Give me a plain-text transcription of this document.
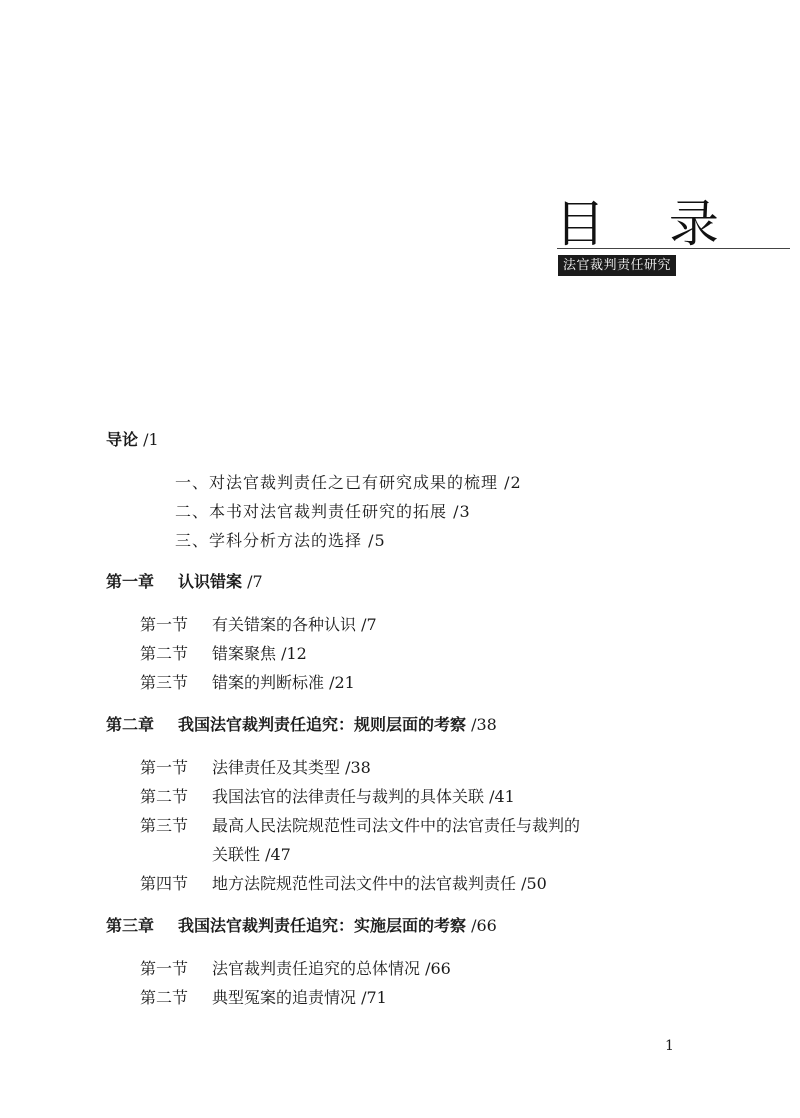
目 录
法官裁判责任研究
导论 /1
一、对法官裁判责任之已有研究成果的梳理 /2
二、本书对法官裁判责任研究的拓展 /3
三、学科分析方法的选择 /5
第一章 认识错案 /7
第一节 有关错案的各种认识 /7
第二节 错案聚焦 /12
第三节 错案的判断标准 /21
第二章 我国法官裁判责任追究：规则层面的考察 /38
第一节 法律责任及其类型 /38
第二节 我国法官的法律责任与裁判的具体关联 /41
第三节 最高人民法院规范性司法文件中的法官责任与裁判的
关联性 /47
第四节 地方法院规范性司法文件中的法官裁判责任 /50
第三章 我国法官裁判责任追究：实施层面的考察 /66
第一节 法官裁判责任追究的总体情况 /66
第二节 典型冤案的追责情况 /71
1
